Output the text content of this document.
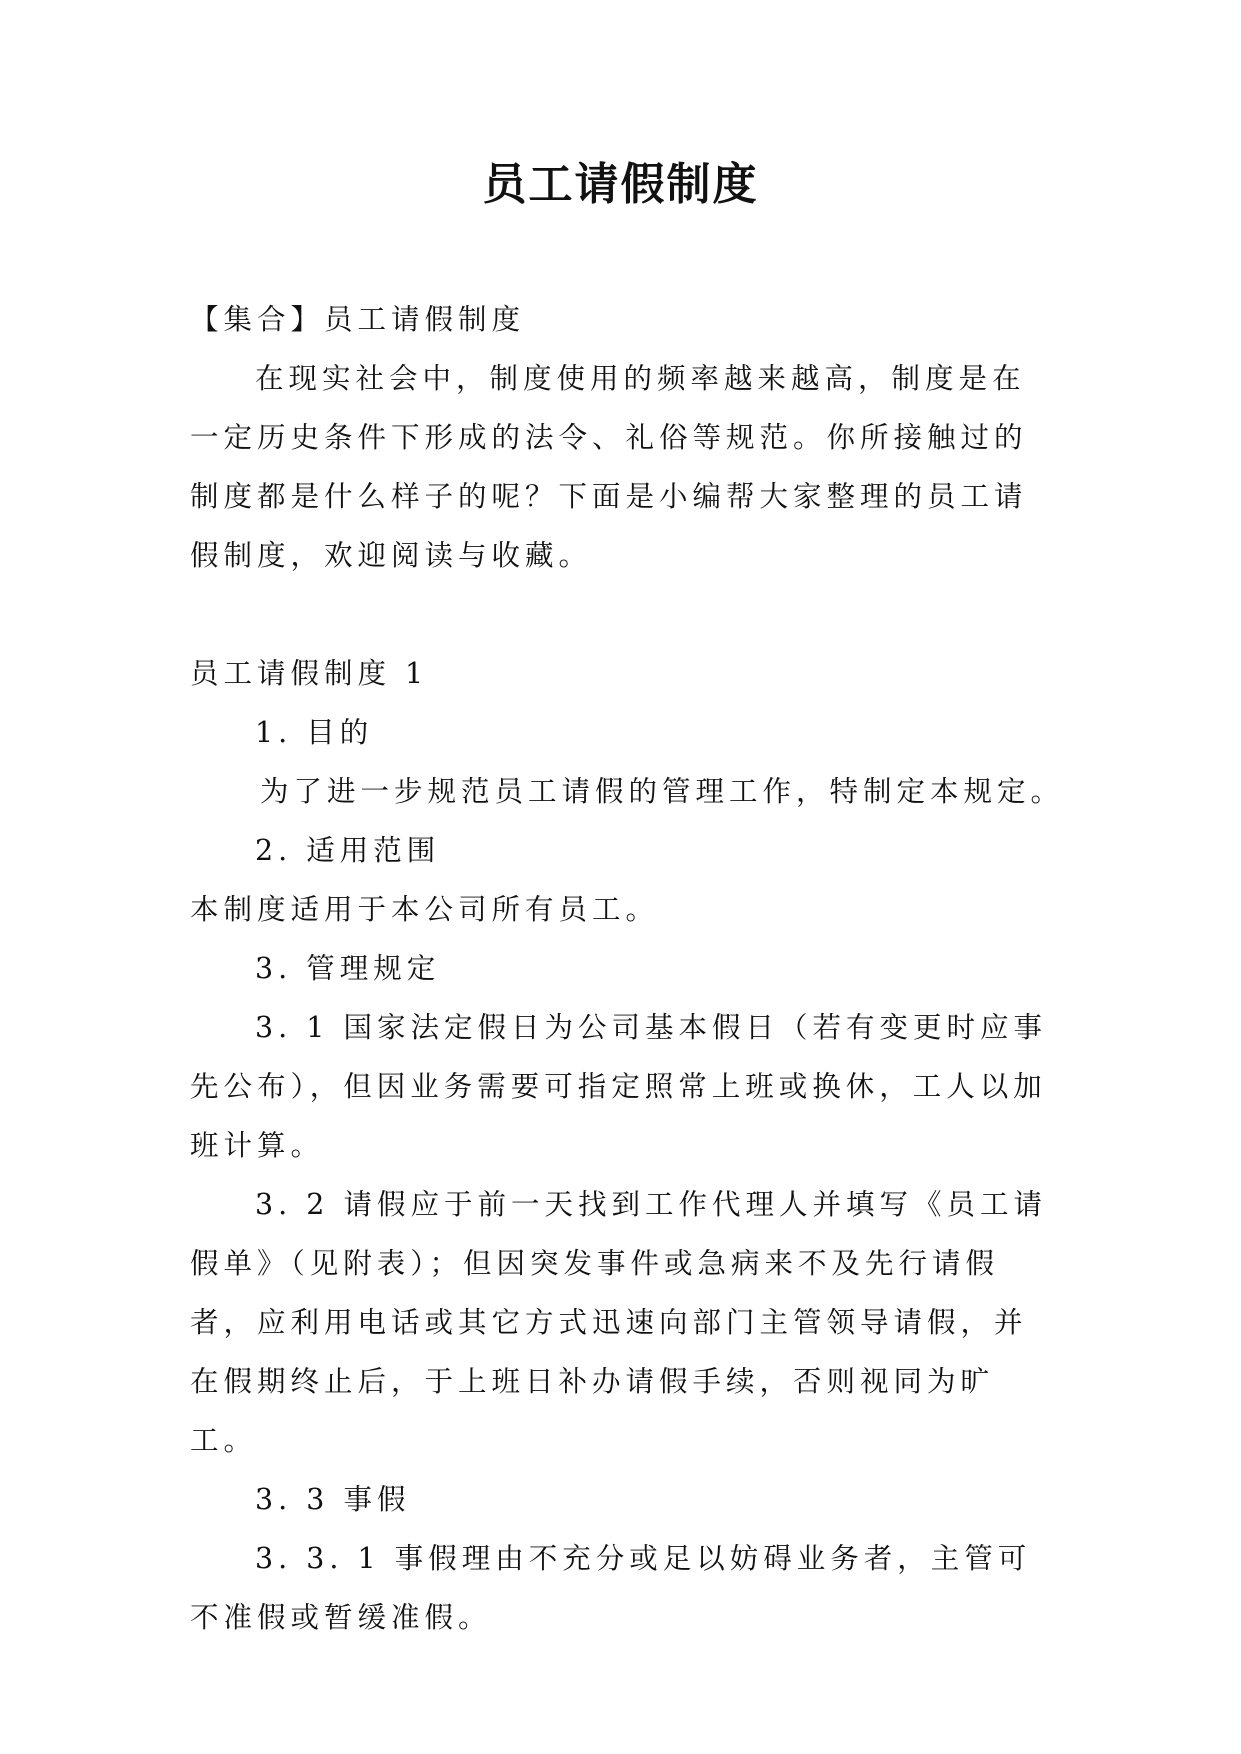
员工请假制度

【集合】员工请假制度

在现实社会中，制度使用的频率越来越高，制度是在一定历史条件下形成的法令、礼俗等规范。你所接触过的制度都是什么样子的呢？下面是小编帮大家整理的员工请假制度，欢迎阅读与收藏。

员工请假制度 1

1. 目的

为了进一步规范员工请假的管理工作，特制定本规定。

2. 适用范围

本制度适用于本公司所有员工。

3. 管理规定

3. 1 国家法定假日为公司基本假日（若有变更时应事先公布），但因业务需要可指定照常上班或换休，工人以加班计算。

3. 2 请假应于前一天找到工作代理人并填写《员工请假单》（见附表）；但因突发事件或急病来不及先行请假者，应利用电话或其它方式迅速向部门主管领导请假，并在假期终止后，于上班日补办请假手续，否则视同为旷工。

3. 3 事假

3. 3. 1 事假理由不充分或足以妨碍业务者，主管可不准假或暂缓准假。
